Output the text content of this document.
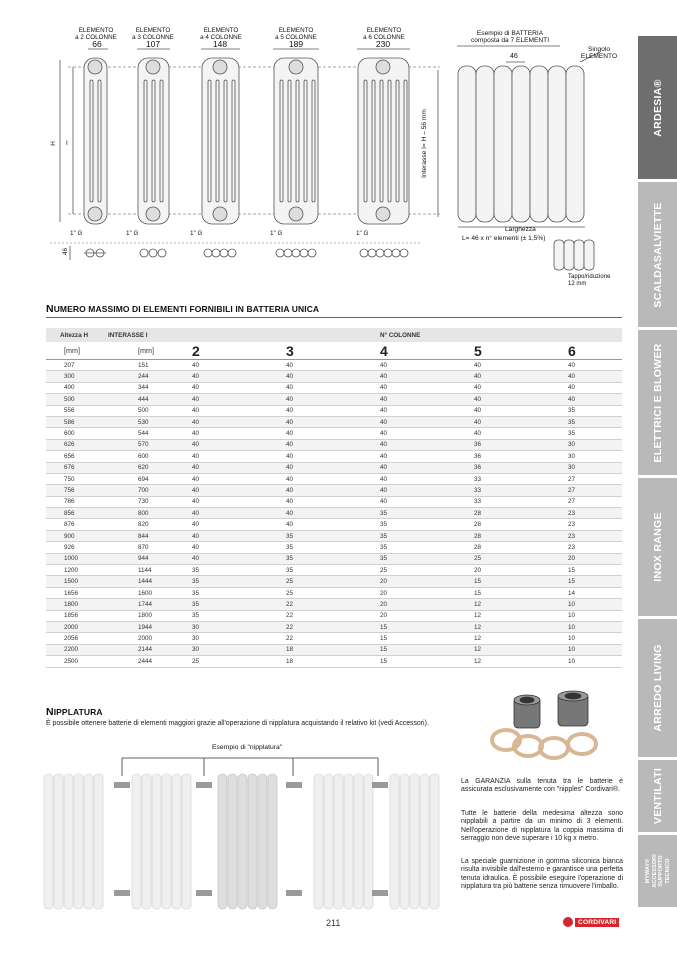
ELEMENTO
a 2 COLONNE
ELEMENTO
a 3 COLONNE
ELEMENTO
a 4 COLONNE
ELEMENTO
a 5 COLONNE
ELEMENTO
a 6 COLONNE
66	107	148	189	230
H I
46
1" G	1" G	1" G	1" G	1" G
Esempio di BATTERIA
composta da 7 ELEMENTI
46
Singolo
ELEMENTO
Interasse I= H – 56 mm
Larghezza
L= 46 x n° elementi (± 1,5%)
Tappo/riduzione
12 mm
NUMERO MASSIMO DI ELEMENTI FORNIBILI IN BATTERIA UNICA
Altezza H	INTERASSE I			N° COLONNE		
[mm]	[mm]	2	3	4	5	6
207	151	40	40	40	40	40
300	244	40	40	40	40	40
400	344	40	40	40	40	40
500	444	40	40	40	40	40
556	500	40	40	40	40	35
586	530	40	40	40	40	35
600	544	40	40	40	40	35
626	570	40	40	40	36	30
656	600	40	40	40	36	30
676	620	40	40	40	36	30
750	694	40	40	40	33	27
756	700	40	40	40	33	27
786	730	40	40	40	33	27
856	800	40	40	35	28	23
876	820	40	40	35	28	23
900	844	40	35	35	28	23
926	870	40	35	35	28	23
1000	944	40	35	35	25	20
1200	1144	35	35	25	20	15
1500	1444	35	25	20	15	15
1656	1600	35	25	20	15	14
1800	1744	35	22	20	12	10
1856	1800	35	22	20	12	10
2000	1944	30	22	15	12	10
2056	2000	30	22	15	12	10
2200	2144	30	18	15	12	10
2500	2444	25	18	15	12	10
NIPPLATURA
È possibile ottenere batterie di elementi maggiori grazie all'operazione di nipplatura acquistando il relativo kit (vedi Accessori).
Esempio di "nipplatura"
La GARANZIA sulla tenuta tra le batterie è assicurata esclusivamente con "nipples" Cordivari®.
Tutte le batterie della medesima altezza sono nipplabili a partire da un minimo di 3 elementi. Nell'operazione di nipplatura la coppia massima di serraggio non deve superare i 10 kg x metro.
La speciale guarnizione in gomma siliconica bianca risulta invisibile dall'esterno e garantisce una perfetta tenuta idraulica. È possibile eseguire l'operazione di nipplatura tra più batterie senza rimuovere l'imballo.
211	CORDIVARI
ARDESIA®
SCALDASALVIETTE
ELETTRICI E BLOWER
INOX RANGE
ARREDO LIVING
VENTILATI
MYWAY®
ACCESSORI
SUPPORTO TECNICO
